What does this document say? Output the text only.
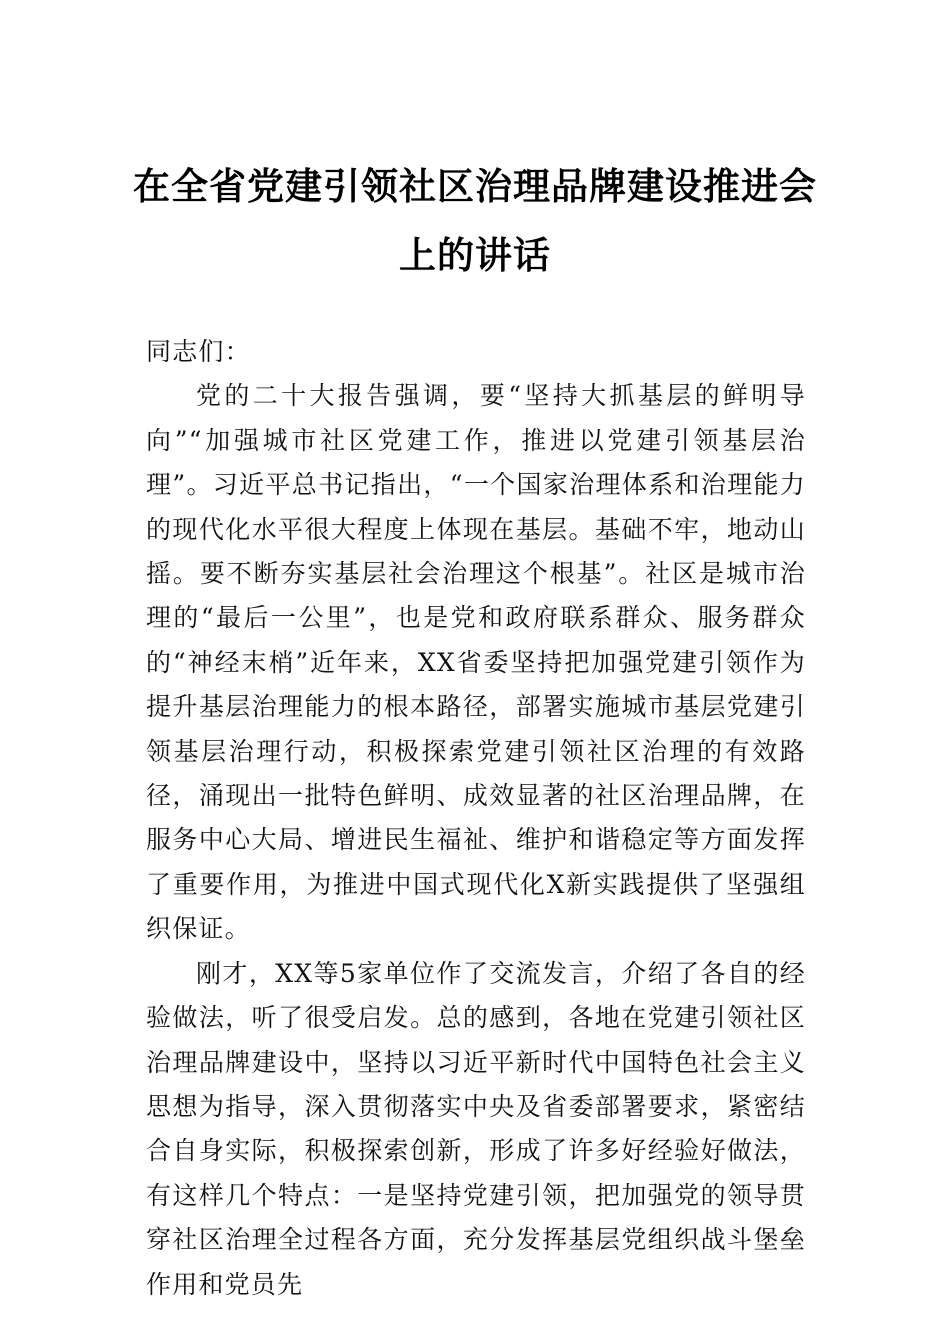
在全省党建引领社区治理品牌建设推进会
上的讲话

同志们：

党的二十大报告强调，要“坚持大抓基层的鲜明导向”“加强城市社区党建工作，推进以党建引领基层治理”。习近平总书记指出，“一个国家治理体系和治理能力的现代化水平很大程度上体现在基层。基础不牢，地动山摇。要不断夯实基层社会治理这个根基”。社区是城市治理的“最后一公里”，也是党和政府联系群众、服务群众的“神经末梢”近年来，XX省委坚持把加强党建引领作为提升基层治理能力的根本路径，部署实施城市基层党建引领基层治理行动，积极探索党建引领社区治理的有效路径，涌现出一批特色鲜明、成效显著的社区治理品牌，在服务中心大局、增进民生福祉、维护和谐稳定等方面发挥了重要作用，为推进中国式现代化X新实践提供了坚强组织保证。

刚才，XX等5家单位作了交流发言，介绍了各自的经验做法，听了很受启发。总的感到，各地在党建引领社区治理品牌建设中，坚持以习近平新时代中国特色社会主义思想为指导，深入贯彻落实中央及省委部署要求，紧密结合自身实际，积极探索创新，形成了许多好经验好做法，有这样几个特点：一是坚持党建引领，把加强党的领导贯穿社区治理全过程各方面，充分发挥基层党组织战斗堡垒作用和党员先
